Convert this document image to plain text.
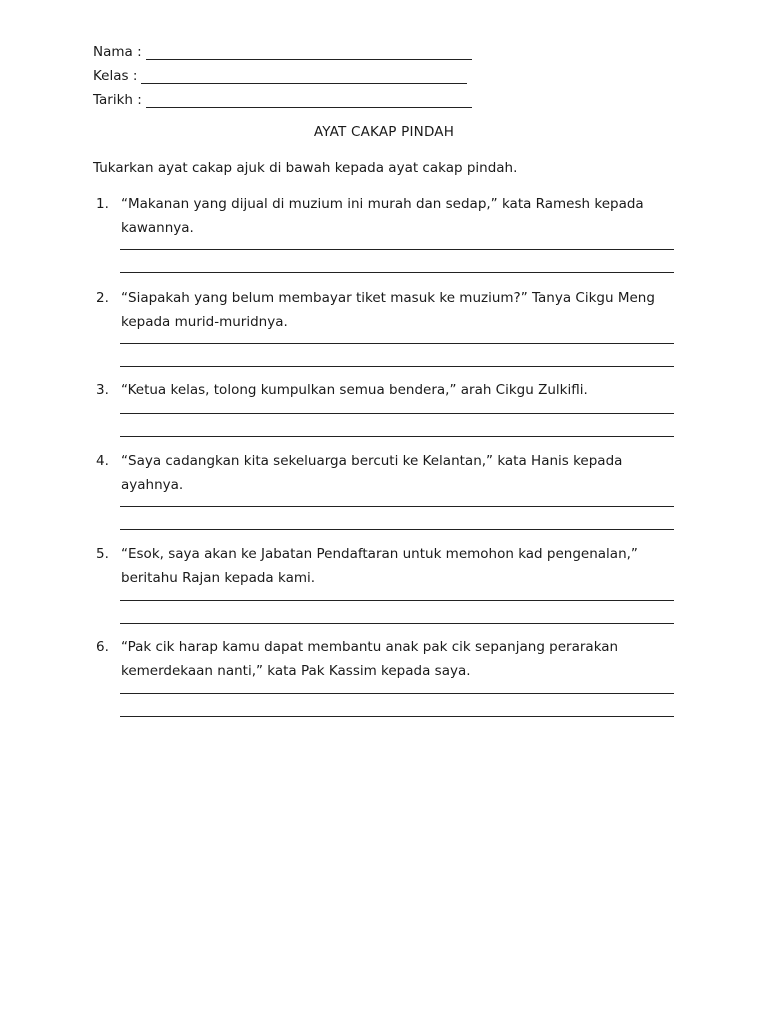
Nama :
Kelas :
Tarikh :
AYAT CAKAP PINDAH
Tukarkan ayat cakap ajuk di bawah kepada ayat cakap pindah.
1. “Makanan yang dijual di muzium ini murah dan sedap,” kata Ramesh kepada kawannya.
2. “Siapakah yang belum membayar tiket masuk ke muzium?” Tanya Cikgu Meng kepada murid-muridnya.
3. “Ketua kelas, tolong kumpulkan semua bendera,” arah Cikgu Zulkifli.
4. “Saya cadangkan kita sekeluarga bercuti ke Kelantan,” kata Hanis kepada ayahnya.
5. “Esok, saya akan ke Jabatan Pendaftaran untuk memohon kad pengenalan,” beritahu Rajan kepada kami.
6. “Pak cik harap kamu dapat membantu anak pak cik sepanjang perarakan kemerdekaan nanti,” kata Pak Kassim kepada saya.
